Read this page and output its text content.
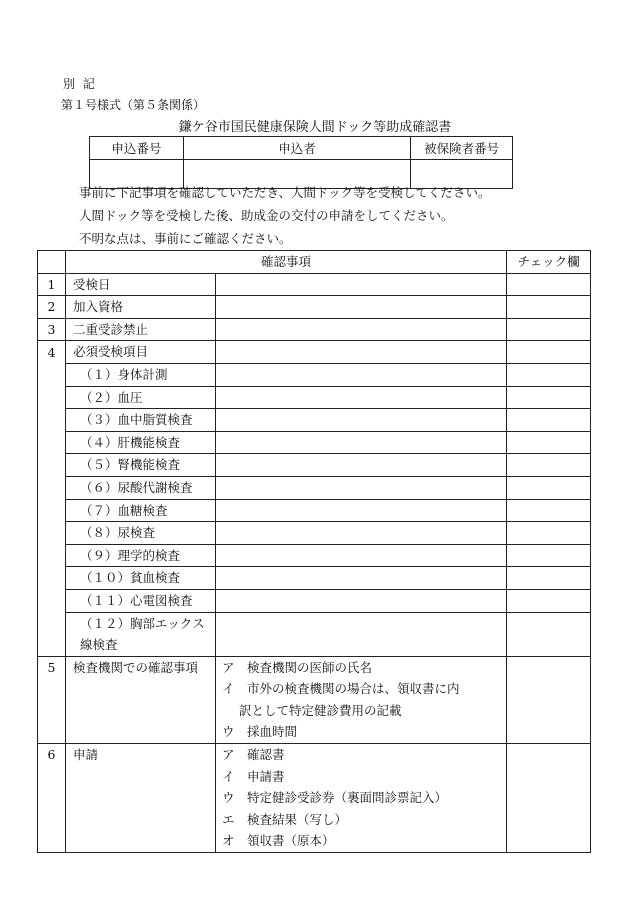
別 記
第１号様式（第５条関係）
鎌ケ谷市国民健康保険人間ドック等助成確認書
申込番号	申込者	被保険者番号

事前に下記事項を確認していただき、人間ドック等を受検してください。
人間ドック等を受検した後、助成金の交付の申請をしてください。
不明な点は、事前にご確認ください。
	確認事項		チェック欄
1	受検日		
2	加入資格		
3	二重受診禁止		
4	必須受検項目		
	（１）身体計測		
	（２）血圧		
	（３）血中脂質検査		
	（４）肝機能検査		
	（５）腎機能検査		
	（６）尿酸代謝検査		
	（７）血糖検査		
	（８）尿検査		
	（９）理学的検査		
	（１０）貧血検査		
	（１１）心電図検査		
	（１２）胸部エックス線検査		
5	検査機関での確認事項	ア　検査機関の医師の氏名
イ　市外の検査機関の場合は、領収書に内
訳として特定健診費用の記載
ウ　採血時間	

6	申請	ア　確認書
イ　申請書
ウ　特定健診受診券（裏面問診票記入）
エ　検査結果（写し）
オ　領収書（原本）	
